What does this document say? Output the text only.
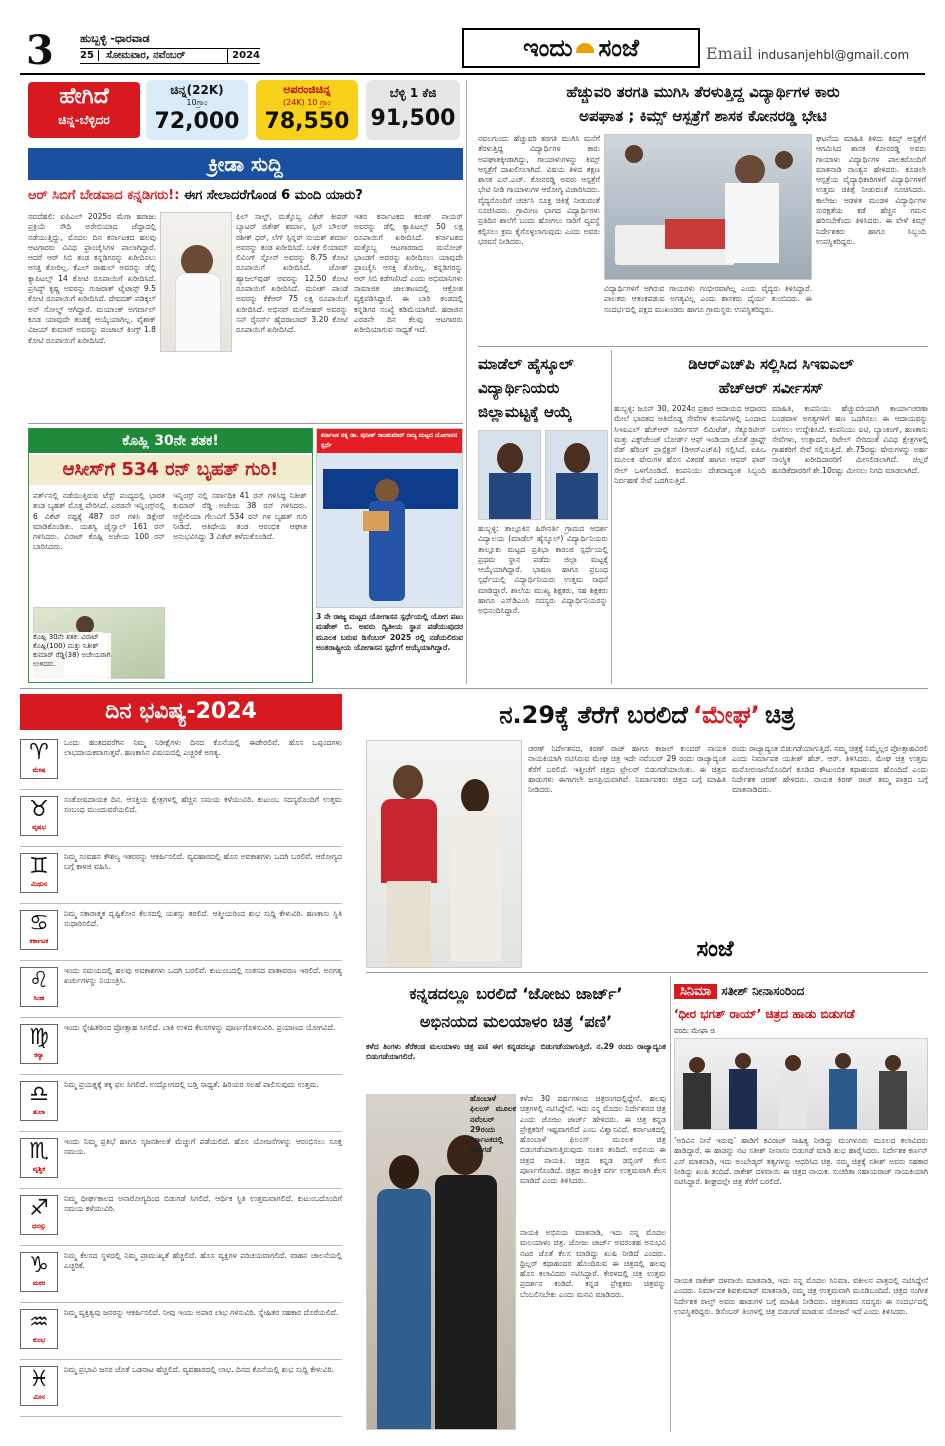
3 ಹುಬ್ಬಳ್ಳಿ -ಧಾರವಾಡ
25 ಸೋಮವಾರ, ನವೆಂಬರ್	2024	ಇಂದು ಸಂಜೆ	Email indusanjehbl@gmail.com
ಹೇಗಿದೆ
ಚಿನ್ನ-ಬೆಳ್ಳಿದರ
ಚಿನ್ನ(22K)
10ಗ್ರಾಂ
72,000
ಅಪರಂಜಿಚಿನ್ನ
(24K) 10 ಗ್ರಾಂ
78,550
ಬೆಳ್ಳಿ 1 ಕೆಜಿ
91,500
ಕ್ರೀಡಾ ಸುದ್ದಿ
ಆರ್ ಸಿಬಿಗೆ ಬೇಡವಾದ ಕನ್ನಡಿಗರು!: ಈಗ ಸೇಲಾದರೆಗೊಂಡ 6 ಮಂದಿ ಯಾರು?
ನವದೆಹಲಿ: ಐಪಿಎಲ್ 2025ರ ಮೆಗಾ ಹರಾಜು ಪ್ರಕ್ರಿಯೆ ಸೌದಿ ಅರೇಬಿಯಾದ ಜೆದ್ದಾದಲ್ಲಿ ನಡೆಯುತ್ತಿದ್ದು, ಮೊದಲ ದಿನ ಕರ್ನಾಟಕದ ಹಲವು ಆಟಗಾರರು ವಿವಿಧ ಫ್ರಾಂಚೈಸಿಗಳ ಪಾಲಾಗಿದ್ದಾರೆ. ಆದರೆ ಆರ್ ಸಿಬಿ ತಂಡ ಕನ್ನಡಿಗರನ್ನು ಖರೀದಿಸಲು ಆಸಕ್ತಿ ತೋರಿಲ್ಲ. ಕೆಎಲ್ ರಾಹುಲ್ ಅವರನ್ನು ಡೆಲ್ಲಿ ಕ್ಯಾಪಿಟಲ್ಸ್ 14 ಕೋಟಿ ರೂಪಾಯಿಗೆ ಖರೀದಿಸಿದೆ. ಪ್ರಸಿದ್ಧ್ ಕೃಷ್ಣ ಅವರನ್ನು ಗುಜರಾತ್ ಟೈಟಾನ್ಸ್ 9.5 ಕೋಟಿ ರೂಪಾಯಿಗೆ ಖರೀದಿಸಿದೆ. ದೇವದತ್ ಪಡಿಕ್ಕಲ್ ಅನ್ ಸೋಲ್ಡ್ ಆಗಿದ್ದಾರೆ. ಮಯಾಂಕ್ ಅಗರ್ವಾಲ್ ಕೂಡ ಯಾವುದೇ ತಂಡಕ್ಕೆ ಆಯ್ಕೆಯಾಗಿಲ್ಲ. ವೈಶಾಕ್ ವಿಜಯ್ ಕುಮಾರ್ ಅವರನ್ನು ಪಂಜಾಬ್ ಕಿಂಗ್ಸ್ 1.8 ಕೋಟಿ ರೂಪಾಯಿಗೆ ಖರೀದಿಸಿದೆ.
ಫಿಲ್ ಸಾಲ್ಟ್, ಮತ್ತೊಬ್ಬ ವಿಕೆಟ್ ಕೀಪರ್ ಬ್ಯಾಟರ್ ಜಿತೇಶ್ ಶರ್ಮಾ, ಸ್ಪಿನ್ ಬೌಲರ್ ರಶೀಕ್ ಧರ್, ಲೆಗ್ ಸ್ಪಿನ್ನರ್ ಸುಯಶ್ ಶರ್ಮಾ ಅವರನ್ನು ತಂಡ ಖರೀದಿಸಿದೆ. ಬಳಿಕ ಲಿಯಾಮ್ ಲಿವಿಂಗ್ ಸ್ಟೋನ್ ಅವರನ್ನು 8.75 ಕೋಟಿ ರೂಪಾಯಿಗೆ ಖರೀದಿಸಿದೆ. ಜೋಶ್ ಹ್ಯಾಜಲ್‌ವುಡ್ ಅವರನ್ನು 12.50 ಕೋಟಿ ರೂಪಾಯಿಗೆ ಖರೀದಿಸಿದೆ. ಮನೀಶ್ ಪಾಂಡೆ ಅವರನ್ನು ಕೆಕೆಆರ್ 75 ಲಕ್ಷ ರೂಪಾಯಿಗೆ ಖರೀದಿಸಿದೆ. ಅಭಿನವ್ ಮನೋಹರ್ ಅವರನ್ನು ಸನ್ ರೈಸರ್ಸ್ ಹೈದರಾಬಾದ್ 3.20 ಕೋಟಿ ರೂಪಾಯಿಗೆ ಖರೀದಿಸಿದೆ.
ಇತರ ಕರ್ನಾಟಕದ ಕರುಣ್ ನಾಯರ್ ಅವರನ್ನು ಡೆಲ್ಲಿ ಕ್ಯಾಪಿಟಲ್ಸ್ 50 ಲಕ್ಷ ರೂಪಾಯಿಗೆ ಖರೀದಿಸಿದೆ. ಕರ್ನಾಟಕದ ಮತ್ತೊಬ್ಬ ಆಟಗಾರರಾದ ಮನೋಜ್ ಭಾಂಡಗೆ ಅವರನ್ನು ಖರೀದಿಸಲು ಯಾವುದೇ ಫ್ರಾಂಚೈಸಿ ಆಸಕ್ತಿ ತೋರಿಲ್ಲ. ಕನ್ನಡಿಗರನ್ನು ಆರ್ ಸಿಬಿ ಕಡೆಗಣಿಸಿದೆ ಎಂದು ಅಭಿಮಾನಿಗಳು ಸಾಮಾಜಿಕ ಜಾಲತಾಣದಲ್ಲಿ ಆಕ್ರೋಶ ವ್ಯಕ್ತಪಡಿಸಿದ್ದಾರೆ. ಈ ಬಾರಿ ತಂಡದಲ್ಲಿ ಕನ್ನಡಿಗರ ಸಂಖ್ಯೆ ಕಡಿಮೆಯಾಗಿದೆ. ಹರಾಜಿನ ಎರಡನೇ ದಿನ ಕೆಲವು ಆಟಗಾರರು ಖರೀದಿಯಾಗುವ ಸಾಧ್ಯತೆ ಇದೆ.
ಕೊಹ್ಲಿ 30ನೇ ಶತಕ!
ಆಸೀಸ್‌ಗೆ 534 ರನ್ ಬೃಹತ್ ಗುರಿ!
ಪರ್ತ್‌ನಲ್ಲಿ ನಡೆಯುತ್ತಿರುವ ಟೆಸ್ಟ್ ಪಂದ್ಯದಲ್ಲಿ ಭಾರತ ತಂಡ ಬೃಹತ್ ಮೊತ್ತ ಪೇರಿಸಿದೆ. ಎರಡನೇ ಇನ್ನಿಂಗ್ಸ್‌ನಲ್ಲಿ 6 ವಿಕೆಟ್ ನಷ್ಟಕ್ಕೆ 487 ರನ್ ಗಳಿಸಿ ಡಿಕ್ಲೇರ್ ಮಾಡಿಕೊಂಡಿತು. ಯಶಸ್ವಿ ಜೈಸ್ವಾಲ್ 161 ರನ್ ಗಳಿಸಿದರು. ವಿರಾಟ್ ಕೊಹ್ಲಿ ಅಜೇಯ 100 ರನ್ ಬಾರಿಸಿದರು.
ಇನ್ನಿಂಗ್ಸ್ ನಲ್ಲಿ ಸರ್ವಾಧಿಕ 41 ರನ್ ಗಳಿಸಿದ್ದ ನಿತೀಶ್ ಕುಮಾರ್ ರೆಡ್ಡಿ ಅಜೇಯ 38 ರನ್ ಗಳಿಸಿದರು. ಆಸ್ಟ್ರೇಲಿಯಾ ಗೆಲುವಿಗೆ 534 ರನ್ ಗಳ ಬೃಹತ್ ಗುರಿ ನೀಡಿದೆ. ಆತಿಥೇಯ ತಂಡ ಆರಂಭಿಕ ಆಘಾತ ಅನುಭವಿಸಿದ್ದು 3 ವಿಕೆಟ್ ಕಳೆದುಕೊಂಡಿದೆ.
ಕೊಹ್ಲಿ 30ನೇ ಶತಕ: ವಿರಾಟ್ ಕೊಹ್ಲಿ(100) ಮತ್ತು ನಿತೀಶ್ ಕುಮಾರ್ ರೆಡ್ಡಿ(38) ಅಜೇಯರಾಗಿ ಉಳಿದರು.
ಕರ್ನಾಟಕ ರತ್ನ ಡಾ. ಪುನೀತ್ ರಾಜಕುಮಾರ್ ರಾಜ್ಯ ಮಟ್ಟದ ಯೋಗಾಸನ ಸ್ಪರ್ಧೆ
3 ನೇ ರಾಜ್ಯ ಮಟ್ಟದ ಯೋಗಾಸನ ಸ್ಪರ್ಧೆಯಲ್ಲಿ ಯೋಗ ಪಟು ಮಹೇಶ್ ಬಿ. ಅವರು ದ್ವಿತೀಯ ಸ್ಥಾನ ಪಡೆಯುವುದರ ಮೂಲಕ ಬರುವ ಡಿಸೆಂಬರ್ 2025 ರಲ್ಲಿ ನಡೆಯಲಿರುವ ಅಂತರಾಷ್ಟ್ರೀಯ ಯೋಗಾಸನ ಸ್ಪರ್ಧೆಗೆ ಆಯ್ಕೆಯಾಗಿದ್ದಾರೆ.
ಹೆಚ್ಚುವರಿ ತರಗತಿ ಮುಗಿಸಿ ತೆರಳುತ್ತಿದ್ದ ವಿದ್ಯಾರ್ಥಿಗಳ ಕಾರು
ಅಪಘಾತ ; ಕಿಮ್ಸ್ ಆಸ್ಪತ್ರೆಗೆ ಶಾಸಕ ಕೋನರಡ್ಡಿ ಭೇಟಿ
ನವಲಗುಂದ: ಹೆಚ್ಚುವರಿ ತರಗತಿ ಮುಗಿಸಿ ಮನೆಗೆ ತೆರಳುತ್ತಿದ್ದ ವಿದ್ಯಾರ್ಥಿಗಳ ಕಾರು ಅಪಘಾತಕ್ಕೀಡಾಗಿದ್ದು, ಗಾಯಾಳುಗಳನ್ನು ಕಿಮ್ಸ್ ಆಸ್ಪತ್ರೆಗೆ ದಾಖಲಿಸಲಾಗಿದೆ. ವಿಷಯ ತಿಳಿದ ತಕ್ಷಣ ಶಾಸಕ ಎನ್.ಎಚ್. ಕೋನರಡ್ಡಿ ಅವರು ಆಸ್ಪತ್ರೆಗೆ ಭೇಟಿ ನೀಡಿ ಗಾಯಾಳುಗಳ ಆರೋಗ್ಯ ವಿಚಾರಿಸಿದರು. ವೈದ್ಯರೊಂದಿಗೆ ಚರ್ಚಿಸಿ ಸೂಕ್ತ ಚಿಕಿತ್ಸೆ ನೀಡುವಂತೆ ಸೂಚಿಸಿದರು. ಗ್ರಾಮೀಣ ಭಾಗದ ವಿದ್ಯಾರ್ಥಿಗಳು ಪ್ರತಿದಿನ ಶಾಲೆಗೆ ಬಂದು ಹೋಗಲು ಸಾರಿಗೆ ವ್ಯವಸ್ಥೆ ಕಲ್ಪಿಸಲು ಕ್ರಮ ಕೈಗೊಳ್ಳಲಾಗುವುದು ಎಂದು ಅವರು ಭರವಸೆ ನೀಡಿದರು.
ವಿದ್ಯಾರ್ಥಿಗಳಿಗೆ ಆಗಿರುವ ಗಾಯಗಳು ಗಂಭೀರವಾಗಿಲ್ಲ ಎಂದು ವೈದ್ಯರು ತಿಳಿಸಿದ್ದಾರೆ. ಪಾಲಕರು ಆತಂಕಪಡುವ ಅಗತ್ಯವಿಲ್ಲ ಎಂದು ಶಾಸಕರು ಧೈರ್ಯ ತುಂಬಿದರು. ಈ ಸಂದರ್ಭದಲ್ಲಿ ಪಕ್ಷದ ಮುಖಂಡರು ಹಾಗೂ ಗ್ರಾಮಸ್ಥರು ಉಪಸ್ಥಿತರಿದ್ದರು.
ಘಟನೆಯ ಮಾಹಿತಿ ತಿಳಿದು ಕಿಮ್ಸ್ ಆಸ್ಪತ್ರೆಗೆ ಆಗಮಿಸಿದ ಶಾಸಕ ಕೋನರಡ್ಡಿ ಅವರು ಗಾಯಾಳು ವಿದ್ಯಾರ್ಥಿಗಳ ಪಾಲಕರೊಂದಿಗೆ ಮಾತನಾಡಿ ಸಾಂತ್ವನ ಹೇಳಿದರು. ಕೂಡಲೇ ಆಸ್ಪತ್ರೆಯ ವೈದ್ಯಾಧಿಕಾರಿಗಳಿಗೆ ವಿದ್ಯಾರ್ಥಿಗಳಿಗೆ ಉತ್ತಮ ಚಿಕಿತ್ಸೆ ನೀಡುವಂತೆ ಸೂಚಿಸಿದರು. ಕಾಲೇಜು ಆಡಳಿತ ಮಂಡಳಿ ವಿದ್ಯಾರ್ಥಿಗಳ ಸುರಕ್ಷತೆಯ ಕಡೆ ಹೆಚ್ಚಿನ ಗಮನ ಹರಿಸಬೇಕೆಂದು ತಿಳಿಸಿದರು. ಈ ವೇಳೆ ಕಿಮ್ಸ್ ನಿರ್ದೇಶಕರು ಹಾಗೂ ಸಿಬ್ಬಂದಿ ಉಪಸ್ಥಿತರಿದ್ದರು.
ಮಾಡೆಲ್ ಹೈಸ್ಕೂಲ್
ವಿದ್ಯಾರ್ಥಿನಿಯರು
ಜಿಲ್ಲಾಮಟ್ಟಕ್ಕೆ ಆಯ್ಕೆ
ಹುಬ್ಬಳ್ಳಿ: ತಾಲ್ಲೂಕಿನ ಹಿರೇನರ್ತಿ ಗ್ರಾಮದ ಆದರ್ಶ ವಿದ್ಯಾಲಯ (ಮಾಡೆಲ್ ಹೈಸ್ಕೂಲ್) ವಿದ್ಯಾರ್ಥಿನಿಯರು ತಾಲ್ಲೂಕು ಮಟ್ಟದ ಪ್ರತಿಭಾ ಕಾರಂಜಿ ಸ್ಪರ್ಧೆಯಲ್ಲಿ ಪ್ರಥಮ ಸ್ಥಾನ ಪಡೆದು ಜಿಲ್ಲಾ ಮಟ್ಟಕ್ಕೆ ಆಯ್ಕೆಯಾಗಿದ್ದಾರೆ. ಭಾಷಣ ಹಾಗೂ ಪ್ರಬಂಧ ಸ್ಪರ್ಧೆಯಲ್ಲಿ ವಿದ್ಯಾರ್ಥಿನಿಯರು ಉತ್ತಮ ಸಾಧನೆ ಮಾಡಿದ್ದಾರೆ. ಶಾಲೆಯ ಮುಖ್ಯ ಶಿಕ್ಷಕರು, ಸಹ ಶಿಕ್ಷಕರು ಹಾಗೂ ಎಸ್‌ಡಿಎಂಸಿ ಸದಸ್ಯರು ವಿದ್ಯಾರ್ಥಿನಿಯರನ್ನು ಅಭಿನಂದಿಸಿದ್ದಾರೆ.
ಡಿಆರ್‌ಎಚ್‌ಪಿ ಸಲ್ಲಿಸಿದ ಸಿಇಐಎಲ್
ಹೆಚ್‌ಆರ್ ಸರ್ವೀಸಸ್
ಹುಬ್ಬಳ್ಳಿ: ಜೂನ್ 30, 2024ರ ಪ್ರಕಾರ ಆದಾಯದ ಆಧಾರದ ಮೇಲೆ ಭಾರತದ ಅತಿದೊಡ್ಡ ಸೇವೆಗಳ ಕಂಪನಿಗಳಲ್ಲಿ ಒಂದಾದ ಸಿಇಐಎಲ್ ಹೆಚ್‌ಆರ್ ಸರ್ವೀಸಸ್ ಲಿಮಿಟೆಡ್, ಸೆಕ್ಯೂರಿಟೀಸ್ ಮತ್ತು ಎಕ್ಸ್‌ಚೇಂಜ್ ಬೋರ್ಡ್ ಆಫ್ ಇಂಡಿಯಾ ಜೊತೆ ಡ್ರಾಫ್ಟ್ ರೆಡ್ ಹೆರಿಂಗ್ ಪ್ರಾಸ್ಪೆಕ್ಟಸ್ (ಡಿಆರ್‌ಎಚ್‌ಪಿ) ಸಲ್ಲಿಸಿದೆ. ಐಪಿಒ ಮೂಲಕ ಷೇರುಗಳ ಹೊಸ ವಿತರಣೆ ಹಾಗೂ ಆಫರ್ ಫಾರ್ ಸೇಲ್ ಒಳಗೊಂಡಿದೆ. ಕಂಪನಿಯು ದೇಶದಾದ್ಯಂತ ಸಿಬ್ಬಂದಿ ನಿರ್ವಹಣೆ ಸೇವೆ ಒದಗಿಸುತ್ತಿದೆ.
ಮಾಹಿತಿ, ಕಂಪನಿಯು ಹೆಚ್ಚುವರಿಯಾಗಿ ಕಾರ್ಯಾಚರಣಾ ಬಂಡವಾಳ ಅಗತ್ಯಗಳಿಗೆ ಹಣ ಒದಗಿಸಲು ಈ ಆದಾಯವನ್ನು ಬಳಸಲು ಉದ್ದೇಶಿಸಿದೆ. ಕಂಪನಿಯು ಐಟಿ, ಬ್ಯಾಂಕಿಂಗ್, ಹಣಕಾಸು ಸೇವೆಗಳು, ಉತ್ಪಾದನೆ, ರಿಟೇಲ್ ಸೇರಿದಂತೆ ವಿವಿಧ ಕ್ಷೇತ್ರಗಳಲ್ಲಿ ಗ್ರಾಹಕರಿಗೆ ಸೇವೆ ಸಲ್ಲಿಸುತ್ತಿದೆ. ಶೇ.75ರಷ್ಟು ಷೇರುಗಳನ್ನು ಅರ್ಹ ಸಾಂಸ್ಥಿಕ ಖರೀದಿದಾರರಿಗೆ ಮೀಸಲಿಡಲಾಗಿದೆ. ಚಿಲ್ಲರೆ ಹೂಡಿಕೆದಾರರಿಗೆ ಶೇ.10ರಷ್ಟು ಮೀಸಲು ನಿಗದಿ ಮಾಡಲಾಗಿದೆ.
ದಿನ ಭವಿಷ್ಯ-2024
♈
ಮೇಷ
ಒಂದು ಹಂತದವರೆಗಿನ ನಿಮ್ಮ ನಿರೀಕ್ಷೆಗಳು ದಿನದ ಕೊನೆಯಲ್ಲಿ ಈಡೇರಲಿವೆ. ಹೊಸ ಒಪ್ಪಂದಗಳು ಲಾಭದಾಯಕವಾಗುತ್ತವೆ. ಹಣಕಾಸಿನ ವಿಷಯದಲ್ಲಿ ಎಚ್ಚರಿಕೆ ಅಗತ್ಯ.
♉
ವೃಷಭ
ಸಂತೋಷದಾಯಕ ದಿನ. ಆಸಕ್ತಿಯ ಕ್ಷೇತ್ರಗಳಲ್ಲಿ ಹೆಚ್ಚಿನ ಸಮಯ ಕಳೆಯುವಿರಿ. ಕುಟುಂಬ ಸದಸ್ಯರೊಂದಿಗೆ ಉತ್ತಮ ಸಂಬಂಧ ಮುಂದುವರೆಯಲಿದೆ.
♊
ಮಿಥುನ
ನಿಮ್ಮ ಸಂವಹನ ಕೌಶಲ್ಯ ಇತರರನ್ನು ಆಕರ್ಷಿಸಲಿದೆ. ವ್ಯವಹಾರದಲ್ಲಿ ಹೊಸ ಅವಕಾಶಗಳು ಒದಗಿ ಬರಲಿವೆ. ಆರೋಗ್ಯದ ಬಗ್ಗೆ ಕಾಳಜಿ ವಹಿಸಿ.
♋
ಕರ್ಕಾಟಕ
ನಿಮ್ಮ ಸಕಾರಾತ್ಮಕ ದೃಷ್ಟಿಕೋನ ಕೆಲಸದಲ್ಲಿ ಯಶಸ್ಸು ತರಲಿದೆ. ಆತ್ಮೀಯರಿಂದ ಶುಭ ಸುದ್ದಿ ಕೇಳುವಿರಿ. ಹಣಕಾಸು ಸ್ಥಿತಿ ಸುಧಾರಿಸಲಿದೆ.
♌
ಸಿಂಹ
ಇಂದು ಸಮಯದಲ್ಲಿ ಹಲವು ಅವಕಾಶಗಳು ಒದಗಿ ಬರಲಿವೆ. ಕುಟುಂಬದಲ್ಲಿ ಸಂತಸದ ವಾತಾವರಣ ಇರಲಿದೆ. ಅನಗತ್ಯ ಖರ್ಚುಗಳನ್ನು ನಿಯಂತ್ರಿಸಿ.
♍
ಕನ್ಯಾ
ಇಂದು ಸ್ನೇಹಿತರಿಂದ ಪ್ರೋತ್ಸಾಹ ಸಿಗಲಿದೆ. ಬಾಕಿ ಉಳಿದ ಕೆಲಸಗಳನ್ನು ಪೂರ್ಣಗೊಳಿಸುವಿರಿ. ಪ್ರಯಾಣದ ಯೋಗವಿದೆ.
♎
ತುಲಾ
ನಿಮ್ಮ ಪ್ರಯತ್ನಕ್ಕೆ ತಕ್ಕ ಫಲ ಸಿಗಲಿದೆ. ಉದ್ಯೋಗದಲ್ಲಿ ಬಡ್ತಿ ಸಾಧ್ಯತೆ. ಹಿರಿಯರ ಸಲಹೆ ಪಾಲಿಸುವುದು ಉತ್ತಮ.
♏
ವೃಶ್ಚಿಕ
ಇಂದು ನಿಮ್ಮ ಪ್ರತಿಭೆ ಹಾಗೂ ಸೃಜನಶೀಲತೆ ಮೆಚ್ಚುಗೆ ಪಡೆಯಲಿದೆ. ಹೊಸ ಯೋಜನೆಗಳನ್ನು ಆರಂಭಿಸಲು ಸೂಕ್ತ ಸಮಯ.
♐
ಧನಸ್ಸು
ನಿಮ್ಮ ಧೀರ್ಘಕಾಲದ ಅನಾರೋಗ್ಯದಿಂದ ಬಿಡುಗಡೆ ಸಿಗಲಿದೆ. ಆರ್ಥಿಕ ಸ್ಥಿತಿ ಉತ್ತಮವಾಗಲಿದೆ. ಕುಟುಂಬದೊಂದಿಗೆ ಸಮಯ ಕಳೆಯುವಿರಿ.
♑
ಮಕರ
ನಿಮ್ಮ ಕೆಲಸದ ಸ್ಥಳದಲ್ಲಿ ನಿಮ್ಮ ಪ್ರಾಮುಖ್ಯತೆ ಹೆಚ್ಚಲಿದೆ. ಹೊಸ ವ್ಯಕ್ತಿಗಳ ಪರಿಚಯವಾಗಲಿದೆ. ವಾಹನ ಚಾಲನೆಯಲ್ಲಿ ಎಚ್ಚರಿಕೆ.
♒
ಕುಂಭ
ನಿಮ್ಮ ವ್ಯಕ್ತಿತ್ವವು ಜನರನ್ನು ಆಕರ್ಷಿಸಲಿದೆ. ನೀವು ಇಂದು ಅಪಾರ ಲಾಭ ಗಳಿಸುವಿರಿ. ಸ್ನೇಹಿತರ ಸಹಕಾರ ದೊರೆಯಲಿದೆ.
♓
ಮೀನ
ನಿಮ್ಮ ಪ್ರಭಾವಿ ಜನರ ಜೊತೆ ಒಡನಾಟ ಹೆಚ್ಚಲಿದೆ. ವ್ಯವಹಾರದಲ್ಲಿ ಲಾಭ. ದಿನದ ಕೊನೆಯಲ್ಲಿ ಶುಭ ಸುದ್ದಿ ಕೇಳುವಿರಿ.
ನ.29ಕ್ಕೆ ತೆರೆಗೆ ಬರಲಿದೆ ‘ಮೇಘ’ ಚಿತ್ರ
ಚರಣ್ ನಿರ್ದೇಶನದ, ಕಿರಣ್ ರಾಜ್ ಹಾಗೂ ಕಾಜಲ್ ಕುಂದರ್ ನಾಯಕ ನಾಯಕಿಯಾಗಿ ನಟಿಸಿರುವ ಮೇಘ ಚಿತ್ರ ಇದೇ ನವೆಂಬರ್ 29 ರಂದು ರಾಜ್ಯಾದ್ಯಂತ ತೆರೆಗೆ ಬರಲಿದೆ. ಇತ್ತೀಚೆಗೆ ಚಿತ್ರದ ಟ್ರೇಲರ್ ಬಿಡುಗಡೆಯಾಯಿತು. ಈ ಚಿತ್ರದ ಹಾಡುಗಳು ಈಗಾಗಲೇ ಜನಪ್ರಿಯವಾಗಿವೆ. ನಿರ್ಮಾಪಕರು ಚಿತ್ರದ ಬಗ್ಗೆ ಮಾಹಿತಿ ನೀಡಿದರು.
ರಂದು ರಾಜ್ಯಾದ್ಯಂತ ಬಿಡುಗಡೆಯಾಗುತ್ತಿದೆ. ನಮ್ಮ ಚಿತ್ರಕ್ಕೆ ನಿಮ್ಮೆಲ್ಲರ ಪ್ರೋತ್ಸಾಹವಿರಲಿ ಎಂದು ನಿರ್ಮಾಪಕ ಯತೀಶ್ ಹೆಚ್. ಆರ್. ತಿಳಿಸಿದರು. ಮೇಘ ಚಿತ್ರ ಉತ್ತಮ ಮನೋರಂಜನೆಯೊಂದಿಗೆ ಕೂಡಿದ ಕೌಟುಂಬಿಕ ಕಥಾಹಂದರ ಹೊಂದಿದೆ ಎಂದು ನಿರ್ದೇಶಕ ಚರಣ್ ಹೇಳಿದರು. ನಾಯಕ ಕಿರಣ್ ರಾಜ್ ತಮ್ಮ ಪಾತ್ರದ ಬಗ್ಗೆ ಮಾತನಾಡಿದರು.
ಕನ್ನಡದಲ್ಲೂ ಬರಲಿದೆ ‘ಜೋಜು ಜಾರ್ಜ್’
ಅಭಿನಯದ ಮಲಯಾಳಂ ಚಿತ್ರ ‘ಪಣಿ’
ಕಳೆದ ತಿಂಗಳು ತೆರೆಕಂಡ ಮಲಯಾಳಂ ಚಿತ್ರ ಪಣಿ ಈಗ ಕನ್ನಡದಲ್ಲೂ ಬಿಡುಗಡೆಯಾಗುತ್ತಿದೆ. ನ.29 ರಂದು ರಾಜ್ಯಾದ್ಯಂತ ಬಿಡುಗಡೆಯಾಗಲಿದೆ.
ಹೊಂಬಾಳೆ ಫಿಲಂಸ್ ಮೂಲಕ ನವೆಂಬರ್ 29ರಂದು ಕರ್ನಾಟಕದಲ್ಲಿ ಬಿಡುಗಡೆ
ಕಳೆದ 30 ವರ್ಷಗಳಿಂದ ಚಿತ್ರರಂಗದಲ್ಲಿದ್ದೇನೆ. ಹಲವು ಚಿತ್ರಗಳಲ್ಲಿ ನಟಿಸಿದ್ದೇನೆ. ಇದು ನನ್ನ ಮೊದಲ ನಿರ್ದೇಶನದ ಚಿತ್ರ ಎಂದು ಜೋಜು ಜಾರ್ಜ್ ಹೇಳಿದರು. ಈ ಚಿತ್ರ ಕನ್ನಡ ಪ್ರೇಕ್ಷಕರಿಗೆ ಇಷ್ಟವಾಗಲಿದೆ ಎಂಬ ವಿಶ್ವಾಸವಿದೆ. ಕರ್ನಾಟಕದಲ್ಲಿ ಹೊಂಬಾಳೆ ಫಿಲಂಸ್ ಮೂಲಕ ಚಿತ್ರ ಬಿಡುಗಡೆಯಾಗುತ್ತಿರುವುದು ಸಂತಸ ತಂದಿದೆ. ಅಭಿನಯ ಈ ಚಿತ್ರದ ನಾಯಕಿ. ಚಿತ್ರದ ಕನ್ನಡ ಡಬ್ಬಿಂಗ್ ಕೆಲಸ ಪೂರ್ಣಗೊಂಡಿದೆ. ಚಿತ್ರದ ತಾಂತ್ರಿಕ ವರ್ಗ ಉತ್ತಮವಾಗಿ ಕೆಲಸ ಮಾಡಿದೆ ಎಂದು ತಿಳಿಸಿದರು.
ನಾಯಕಿ ಅಭಿನಯ ಮಾತನಾಡಿ, ಇದು ನನ್ನ ಮೊದಲ ಮಲಯಾಳಂ ಚಿತ್ರ. ಜೋಜು ಜಾರ್ಜ್ ಅವರಂತಹ ಅನುಭವಿ ನಟರ ಜೊತೆ ಕೆಲಸ ಮಾಡಿದ್ದು ಖುಷಿ ನೀಡಿದೆ ಎಂದರು. ಥ್ರಿಲ್ಲರ್ ಕಥಾಹಂದರ ಹೊಂದಿರುವ ಈ ಚಿತ್ರದಲ್ಲಿ ಹಲವು ಹೊಸ ಕಲಾವಿದರು ನಟಿಸಿದ್ದಾರೆ. ಕೇರಳದಲ್ಲಿ ಚಿತ್ರ ಉತ್ತಮ ಪ್ರದರ್ಶನ ಕಂಡಿದೆ. ಕನ್ನಡ ಪ್ರೇಕ್ಷಕರು ಚಿತ್ರವನ್ನು ಬೆಂಬಲಿಸಬೇಕು ಎಂದು ಮನವಿ ಮಾಡಿದರು.
ಸಂಜೆ
ಸಿನಿಮಾ ಸತೀಶ್ ನೀನಾಸಂರಿಂದ
‘ಧೀರ ಭಗತ್ ರಾಯ್’ ಚಿತ್ರದ ಹಾಡು ಬಿಡುಗಡೆ
ವರದಿ: ಮೇಘಾ ಜಿ
‘ಅರಿವಿನ ನೀನೆ ಇರುವು’ ಹಾಡಿಗೆ ಕವಿರಾಜ್ ಸಾಹಿತ್ಯ ನೀಡಿದ್ದು ಮಂಗಳೂರು ಮೂಲದ ಕಲಾವಿದರು ಹಾಡಿದ್ದಾರೆ. ಈ ಹಾಡನ್ನು ನಟ ಸತೀಶ್ ನೀನಾಸಂ ಬಿಡುಗಡೆ ಮಾಡಿ ಶುಭ ಹಾರೈಸಿದರು. ನಿರ್ದೇಶಕ ಕರ್ಣನ್ ಎಸ್ ಮಾತನಾಡಿ, ಇದು ಅಂಬೇಡ್ಕರ್ ತತ್ವಗಳನ್ನು ಆಧರಿಸಿದ ಚಿತ್ರ. ನಮ್ಮ ಚಿತ್ರಕ್ಕೆ ಸತೀಶ್ ಅವರು ಸಹಕಾರ ನೀಡಿದ್ದು ಖುಷಿ ತಂದಿದೆ. ರಾಕೇಶ್ ದಳವಾಯಿ ಈ ಚಿತ್ರದ ನಾಯಕ. ಸುಚರಿತಾ ಸಹಾಯರಾಜ್ ನಾಯಕಿಯಾಗಿ ನಟಿಸಿದ್ದಾರೆ. ಶೀಘ್ರದಲ್ಲೇ ಚಿತ್ರ ತೆರೆಗೆ ಬರಲಿದೆ.
ನಾಯಕ ರಾಕೇಶ್ ದಳವಾಯಿ ಮಾತನಾಡಿ, ಇದು ನನ್ನ ಮೊದಲ ಸಿನಿಮಾ. ವಕೀಲನ ಪಾತ್ರದಲ್ಲಿ ನಟಿಸಿದ್ದೇನೆ ಎಂದರು. ನಿರ್ಮಾಪಕ ಶಿವಕುಮಾರ್ ಮಾತನಾಡಿ, ನಮ್ಮ ಚಿತ್ರ ಉತ್ತಮವಾಗಿ ಮೂಡಿಬಂದಿದೆ. ಚಿತ್ರದ ಸಂಗೀತ ನಿರ್ದೇಶಕ ರಾಲ್ಫ್ ಅವರು ಹಾಡುಗಳ ಬಗ್ಗೆ ಮಾಹಿತಿ ನೀಡಿದರು. ಚಿತ್ರತಂಡದ ಸದಸ್ಯರು ಈ ಸಂದರ್ಭದಲ್ಲಿ ಉಪಸ್ಥಿತರಿದ್ದರು. ಡಿಸೆಂಬರ್ ತಿಂಗಳಲ್ಲಿ ಚಿತ್ರ ಬಿಡುಗಡೆ ಮಾಡುವ ಯೋಜನೆ ಇದೆ ಎಂದು ತಿಳಿಸಿದರು.
